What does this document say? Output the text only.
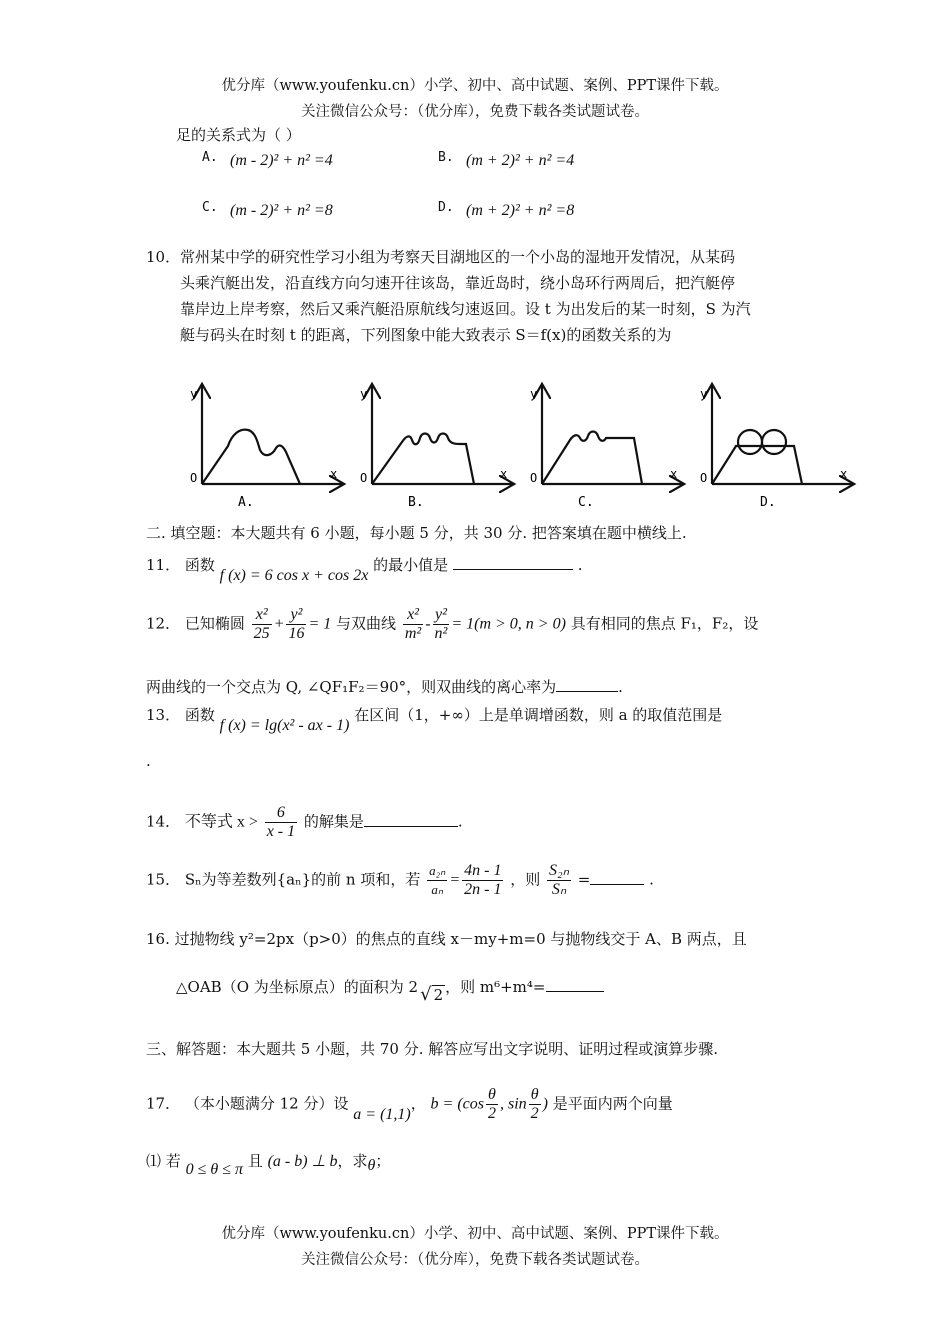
优分库（www.youfenku.cn）小学、初中、高中试题、案例、PPT课件下载。
关注微信公众号：（优分库），免费下载各类试题试卷。
足的关系式为（ ）
A. (m - 2)² + n² =4	B. (m + 2)² + n² =4
C. (m - 2)² + n² =8	D. (m + 2)² + n² =8
10． 常州某中学的研究性学习小组为考察天目湖地区的一个小岛的湿地开发情况，从某码
头乘汽艇出发，沿直线方向匀速开往该岛，靠近岛时，绕小岛环行两周后，把汽艇停
靠岸边上岸考察，然后又乘汽艇沿原航线匀速返回。设 t 为出发后的某一时刻，S 为汽
艇与码头在时刻 t 的距离，下列图象中能大致表示 S＝f(x)的函数关系的为
y
x
O
A.
y
x
O
B.
y
x
O
C.
y
x
O
D.
二. 填空题：本大题共有 6 小题，每小题 5 分，共 30 分. 把答案填在题中横线上.
11． 函数 f (x) = 6 cos x + cos 2x 的最小值是	.
12． 已知椭圆 $\frac{\text{x²}}{25} + \frac{\text{y²}}{16} = 1$ 与双曲线 $\frac{\text{x²}}{\text{m²}} - \frac{\text{y²}}{\text{n²}} = 1(m > 0$, n > 0) 具有相同的焦点 F₁，F₂，设
两曲线的一个交点为 Q, ∠QF₁F₂＝90°，则双曲线的离心率为	.
13． 函数 f (x) = lg(x² - ax - 1) 在区间（1，+∞）上是单调增函数，则 a 的取值范围是
.
14． 不等式 $x > \frac{6}{x - 1}$ 的解集是	.
15． Sₙ为等差数列{aₙ}的前 n 项和，若 $\frac{\text{a₂ₙ}}{\text{aₙ}} = \frac{4n - 1}{2n - 1}$ ，则 $\frac{\text{S₂ₙ}}{\text{Sₙ}}$ =	.
16. 过抛物线 y²=2px（p>0）的焦点的直线 x－my+m=0 与抛物线交于 A、B 两点，且
△OAB（O 为坐标原点）的面积为 2 √ 2 ，则 m⁶+m⁴=
三、解答题：本大题共 5 小题，共 70 分. 解答应写出文字说明、证明过程或演算步骤.
17． （本小题满分 12 分）设 a = (1,1)， $b = (\cos \frac{\theta}{2}$ , $\sin \frac{\theta}{2}$ ) 是平面内两个向量
⑴ 若 0 ≤ θ ≤ π 且 (a - b) ⊥ b，求θ；
优分库（www.youfenku.cn）小学、初中、高中试题、案例、PPT课件下载。
关注微信公众号：（优分库），免费下载各类试题试卷。
